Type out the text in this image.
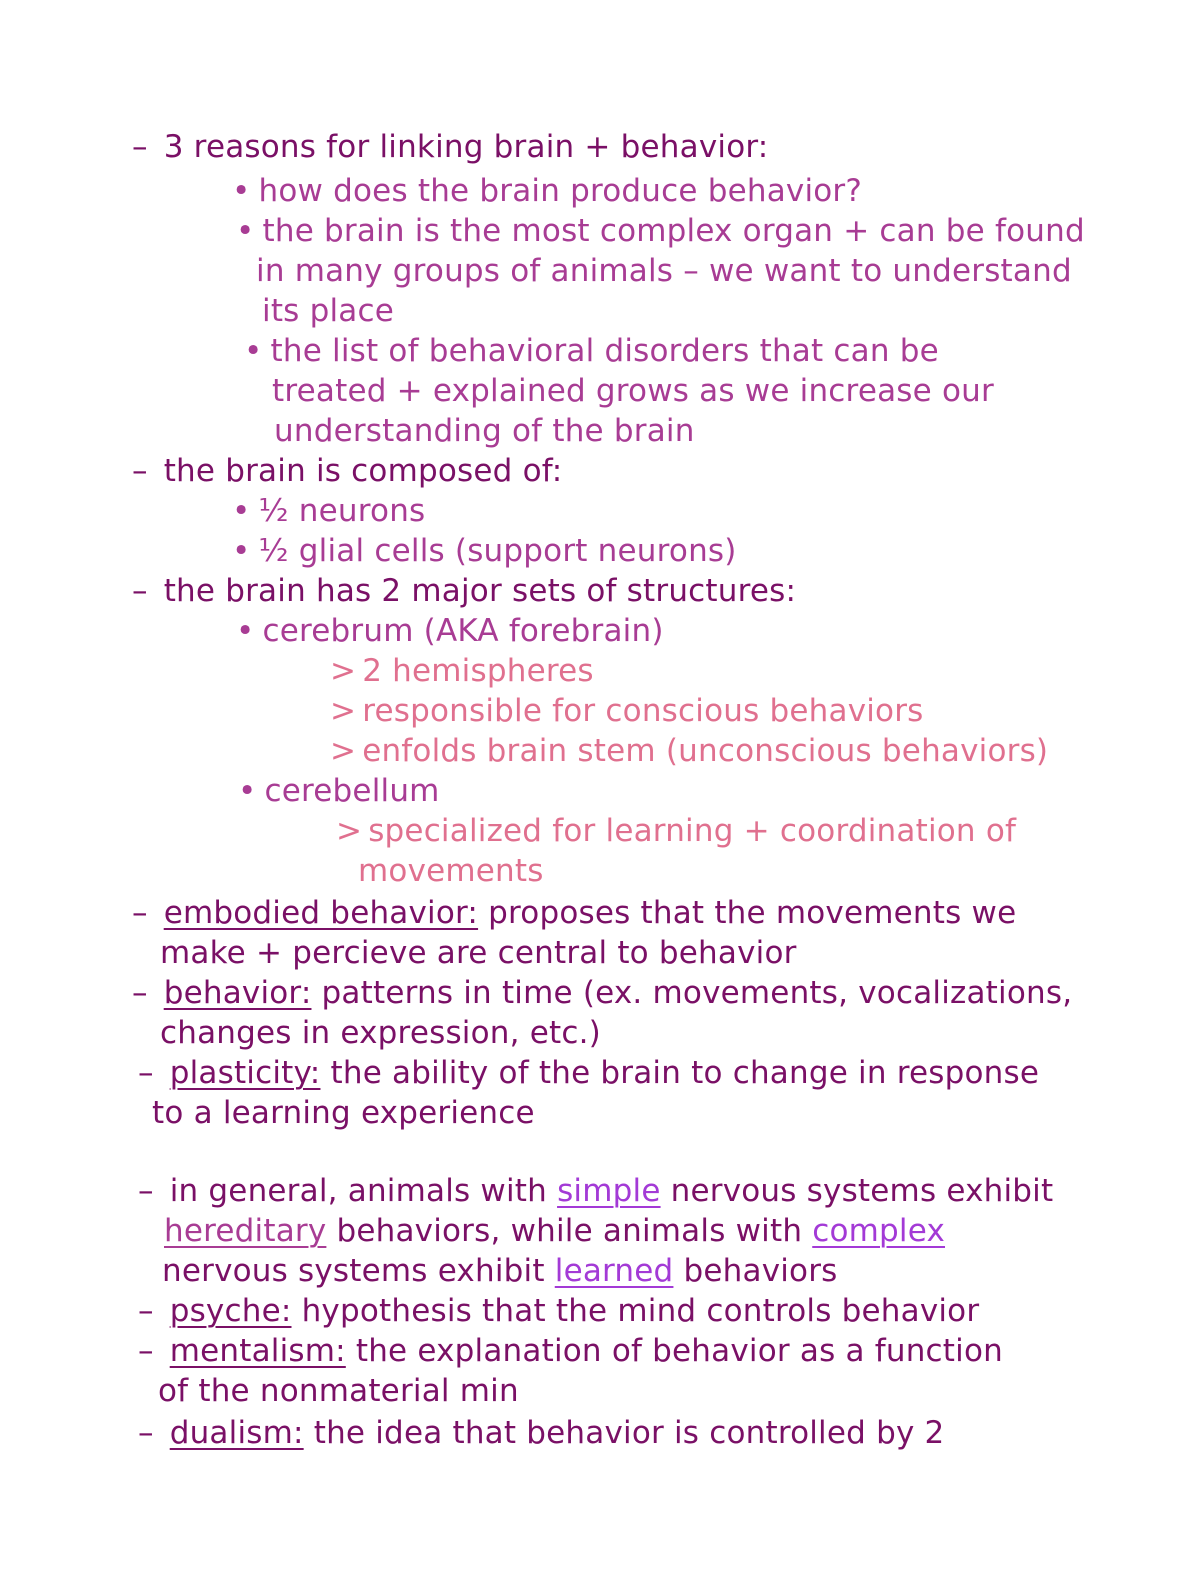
– 3 reasons for linking brain + behavior:
• how does the brain produce behavior?
• the brain is the most complex organ + can be found
in many groups of animals – we want to understand
its place
• the list of behavioral disorders that can be
treated + explained grows as we increase our
understanding of the brain
– the brain is composed of:
• ½ neurons
• ½ glial cells (support neurons)
– the brain has 2 major sets of structures:
• cerebrum (AKA forebrain)
> 2 hemispheres
> responsible for conscious behaviors
> enfolds brain stem (unconscious behaviors)
• cerebellum
> specialized for learning + coordination of
movements
– embodied behavior: proposes that the movements we
make + percieve are central to behavior
– behavior: patterns in time (ex. movements, vocalizations,
changes in expression, etc.)
– plasticity: the ability of the brain to change in response
to a learning experience
– in general, animals with simple nervous systems exhibit
hereditary behaviors, while animals with complex
nervous systems exhibit learned behaviors
– psyche: hypothesis that the mind controls behavior
– mentalism: the explanation of behavior as a function
of the nonmaterial min
– dualism: the idea that behavior is controlled by 2
